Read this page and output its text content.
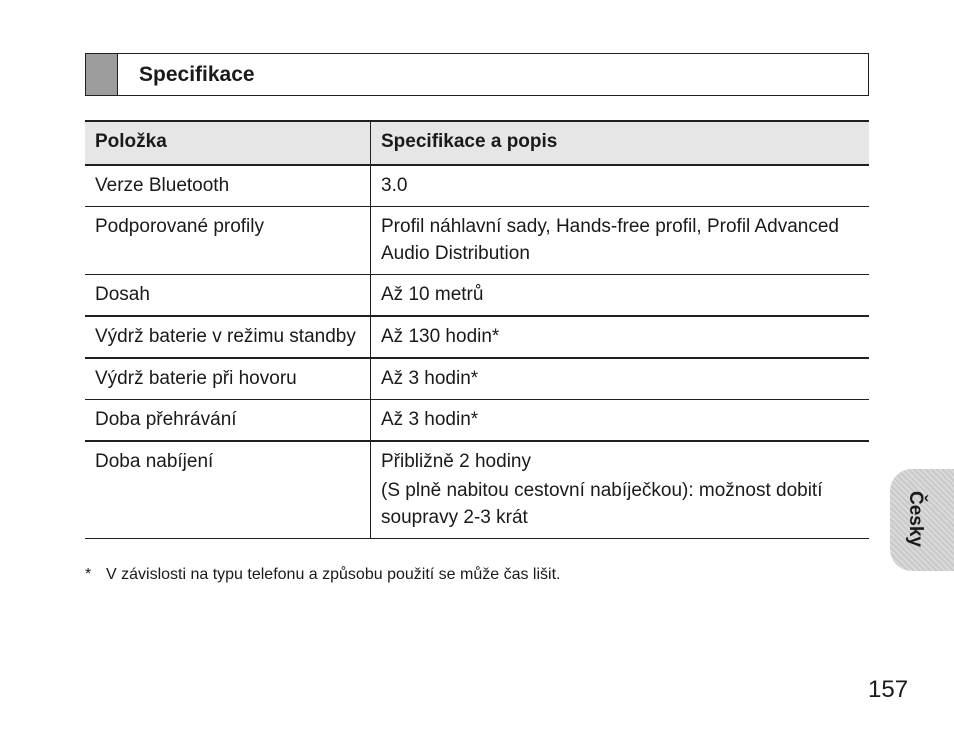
Specifikace
Položka	Specifikace a popis
Verze Bluetooth	3.0
Podporované profily	Profil náhlavní sady, Hands-free profil, Profil Advanced Audio Distribution
Dosah	Až 10 metrů
Výdrž baterie v režimu standby	Až 130 hodin*
Výdrž baterie při hovoru	Až 3 hodin*
Doba přehrávání	Až 3 hodin*
Doba nabíjení	Přibližně 2 hodiny
(S plně nabitou cestovní nabíječkou): možnost dobití soupravy 2-3 krát
* V závislosti na typu telefonu a způsobu použití se může čas lišit.
Česky
157
